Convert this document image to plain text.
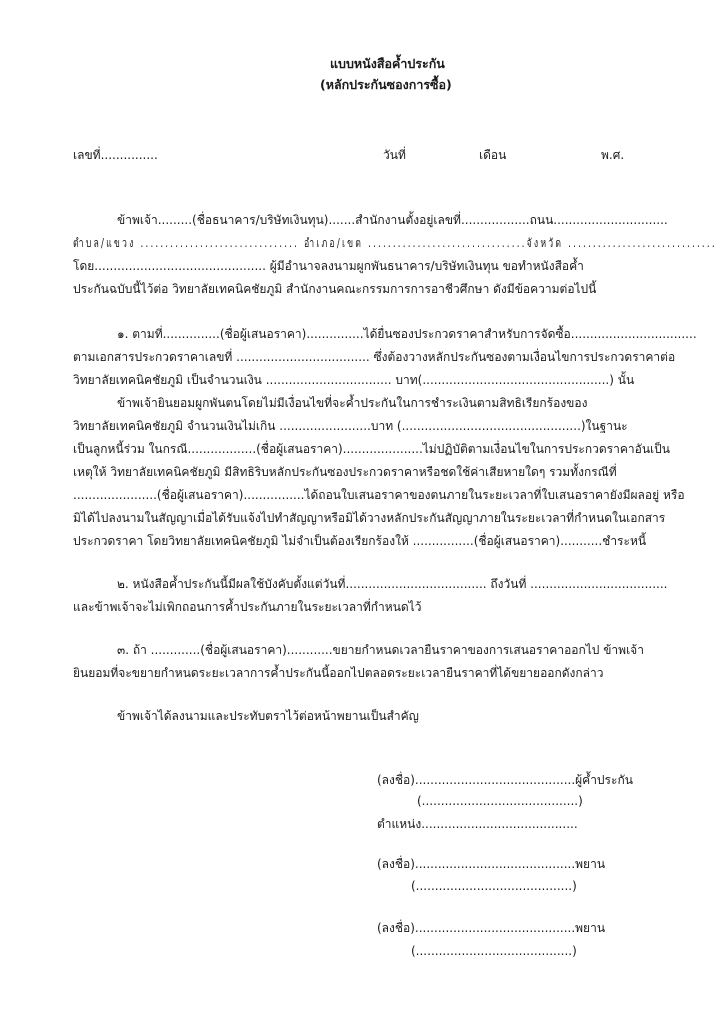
แบบหนังสือค้ำประกัน

(หลักประกันซองการซื้อ)

เลขที่...............	วันที่	เดือน	พ.ศ.

ข้าพเจ้า.........(ชื่อธนาคาร/บริษัทเงินทุน).......สำนักงานตั้งอยู่เลขที่..................ถนน..............................

ตำบล/แขวง ................................ อำเภอ/เขต ................................จังหวัด ..............................

โดย............................................. ผู้มีอำนาจลงนามผูกพันธนาคาร/บริษัทเงินทุน ขอทำหนังสือค้ำ

ประกันฉบับนี้ไว้ต่อ วิทยาลัยเทคนิคชัยภูมิ สำนักงานคณะกรรมการการอาชีวศึกษา ดังมีข้อความต่อไปนี้

๑. ตามที่...............(ชื่อผู้เสนอราคา)...............ได้ยื่นซองประกวดราคาสำหรับการจัดซื้อ.................................

ตามเอกสารประกวดราคาเลขที่ ................................... ซึ่งต้องวางหลักประกันซองตามเงื่อนไขการประกวดราคาต่อ

วิทยาลัยเทคนิคชัยภูมิ เป็นจำนวนเงิน ................................. บาท(.................................................) นั้น

ข้าพเจ้ายินยอมผูกพันตนโดยไม่มีเงื่อนไขที่จะค้ำประกันในการชำระเงินตามสิทธิเรียกร้องของ

วิทยาลัยเทคนิคชัยภูมิ จำนวนเงินไม่เกิน ........................บาท (...............................................)ในฐานะ

เป็นลูกหนี้ร่วม ในกรณี..................(ชื่อผู้เสนอราคา).....................ไม่ปฏิบัติตามเงื่อนไขในการประกวดราคาอันเป็น

เหตุให้ วิทยาลัยเทคนิคชัยภูมิ มีสิทธิริบหลักประกันซองประกวดราคาหรือชดใช้ค่าเสียหายใดๆ รวมทั้งกรณีที่

......................(ชื่อผู้เสนอราคา)................ได้ถอนใบเสนอราคาของตนภายในระยะเวลาที่ใบเสนอราคายังมีผลอยู่ หรือ

มิได้ไปลงนามในสัญญาเมื่อได้รับแจ้งไปทำสัญญาหรือมิได้วางหลักประกันสัญญาภายในระยะเวลาที่กำหนดในเอกสาร

ประกวดราคา โดยวิทยาลัยเทคนิคชัยภูมิ ไม่จำเป็นต้องเรียกร้องให้ ................(ชื่อผู้เสนอราคา)...........ชำระหนี้

๒. หนังสือค้ำประกันนี้มีผลใช้บังคับตั้งแต่วันที่..................................... ถึงวันที่ ....................................

และข้าพเจ้าจะไม่เพิกถอนการค้ำประกันภายในระยะเวลาที่กำหนดไว้

๓. ถ้า .............(ชื่อผู้เสนอราคา)............ขยายกำหนดเวลายืนราคาของการเสนอราคาออกไป ข้าพเจ้า

ยินยอมที่จะขยายกำหนดระยะเวลาการค้ำประกันนี้ออกไปตลอดระยะเวลายืนราคาที่ได้ขยายออกดังกล่าว

ข้าพเจ้าได้ลงนามและประทับตราไว้ต่อหน้าพยานเป็นสำคัญ

(ลงชื่อ)..........................................ผู้ค้ำประกัน

(.........................................)

ตำแหน่ง.........................................

(ลงชื่อ)..........................................พยาน

(.........................................)

(ลงชื่อ)..........................................พยาน

(.........................................)
